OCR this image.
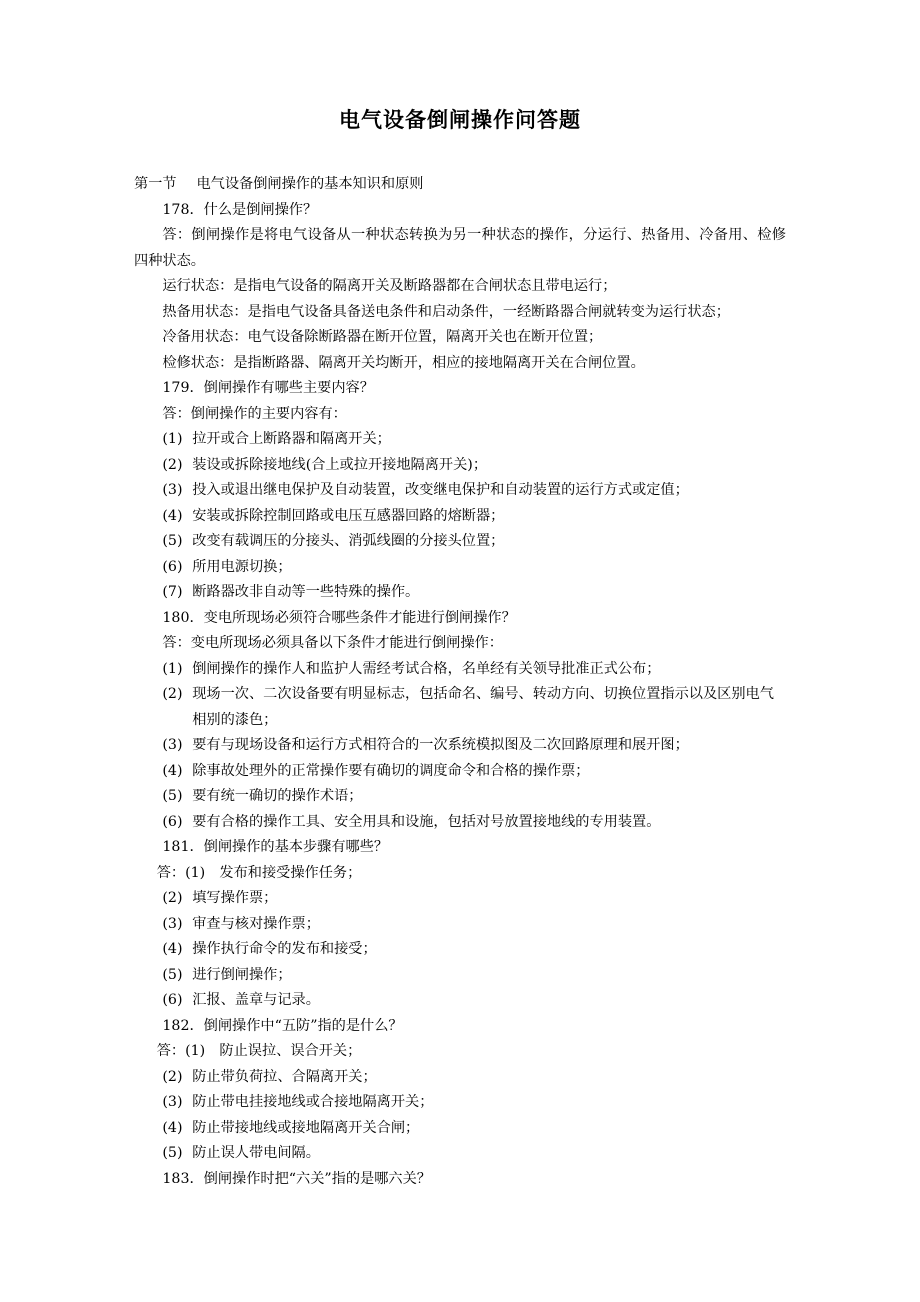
电气设备倒闸操作问答题

第一节 电气设备倒闸操作的基本知识和原则

178．什么是倒闸操作？

答：倒闸操作是将电气设备从一种状态转换为另一种状态的操作，分运行、热备用、冷备用、检修四种状态。

运行状态：是指电气设备的隔离开关及断路器都在合闸状态且带电运行；

热备用状态：是指电气设备具备送电条件和启动条件，一经断路器合闸就转变为运行状态；

冷备用状态：电气设备除断路器在断开位置，隔离开关也在断开位置；

检修状态：是指断路器、隔离开关均断开，相应的接地隔离开关在合闸位置。

179．倒闸操作有哪些主要内容？

答：倒闸操作的主要内容有：

(1) 拉开或合上断路器和隔离开关；
(2) 装设或拆除接地线(合上或拉开接地隔离开关)；
(3) 投入或退出继电保护及自动装置，改变继电保护和自动装置的运行方式或定值；
(4) 安装或拆除控制回路或电压互感器回路的熔断器；
(5) 改变有载调压的分接头、消弧线圈的分接头位置；
(6) 所用电源切换；
(7) 断路器改非自动等一些特殊的操作。

180．变电所现场必须符合哪些条件才能进行倒闸操作？

答：变电所现场必须具备以下条件才能进行倒闸操作：

(1) 倒闸操作的操作人和监护人需经考试合格，名单经有关领导批准正式公布；
(2) 现场一次、二次设备要有明显标志，包括命名、编号、转动方向、切换位置指示以及区别电气相别的漆色；
(3) 要有与现场设备和运行方式相符合的一次系统模拟图及二次回路原理和展开图；
(4) 除事故处理外的正常操作要有确切的调度命令和合格的操作票；
(5) 要有统一确切的操作术语；
(6) 要有合格的操作工具、安全用具和设施，包括对号放置接地线的专用装置。

181．倒闸操作的基本步骤有哪些？

答：(1)　发布和接受操作任务；

(2) 填写操作票；
(3) 审查与核对操作票；
(4) 操作执行命令的发布和接受；
(5) 进行倒闸操作；
(6) 汇报、盖章与记录。

182．倒闸操作中“五防”指的是什么？

答：(1)　防止误拉、误合开关；

(2) 防止带负荷拉、合隔离开关；
(3) 防止带电挂接地线或合接地隔离开关；
(4) 防止带接地线或接地隔离开关合闸；
(5) 防止误人带电间隔。

183．倒闸操作时把“六关”指的是哪六关？
